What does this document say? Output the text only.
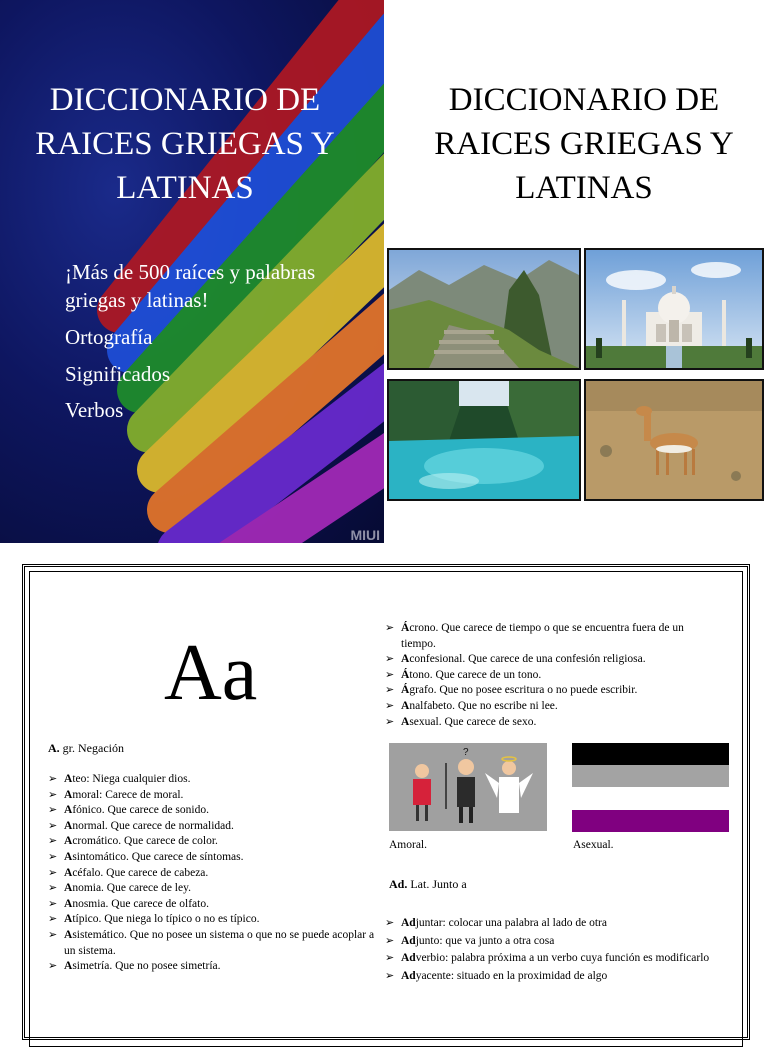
DICCIONARIO DE
RAICES GRIEGAS Y
LATINAS
¡Más de 500 raíces y palabras
griegas y latinas!
Ortografía
Significados
Verbos
MIUI
DICCIONARIO DE
RAICES GRIEGAS Y
LATINAS
Aa
A. gr. Negación
➢ Ateo: Niega cualquier dios.
➢ Amoral: Carece de moral.
➢ Afónico. Que carece de sonido.
➢ Anormal. Que carece de normalidad.
➢ Acromático. Que carece de color.
➢ Asintomático. Que carece de síntomas.
➢ Acéfalo. Que carece de cabeza.
➢ Anomia. Que carece de ley.
➢ Anosmia. Que carece de olfato.
➢ Atípico. Que niega lo típico o no es típico.
➢ Asistemático. Que no posee un sistema o que no se puede acoplar a un sistema.
➢ Asimetría. Que no posee simetría.
➢ Ácrono. Que carece de tiempo o que se encuentra fuera de un tiempo.
➢ Aconfesional. Que carece de una confesión religiosa.
➢ Átono. Que carece de un tono.
➢ Ágrafo. Que no posee escritura o no puede escribir.
➢ Analfabeto. Que no escribe ni lee.
➢ Asexual. Que carece de sexo.
?
Amoral.	Asexual.
Ad. Lat. Junto a
➢ Adjuntar: colocar una palabra al lado de otra
➢ Adjunto: que va junto a otra cosa
➢ Adverbio: palabra próxima a un verbo cuya función es modificarlo
➢ Adyacente: situado en la proximidad de algo
